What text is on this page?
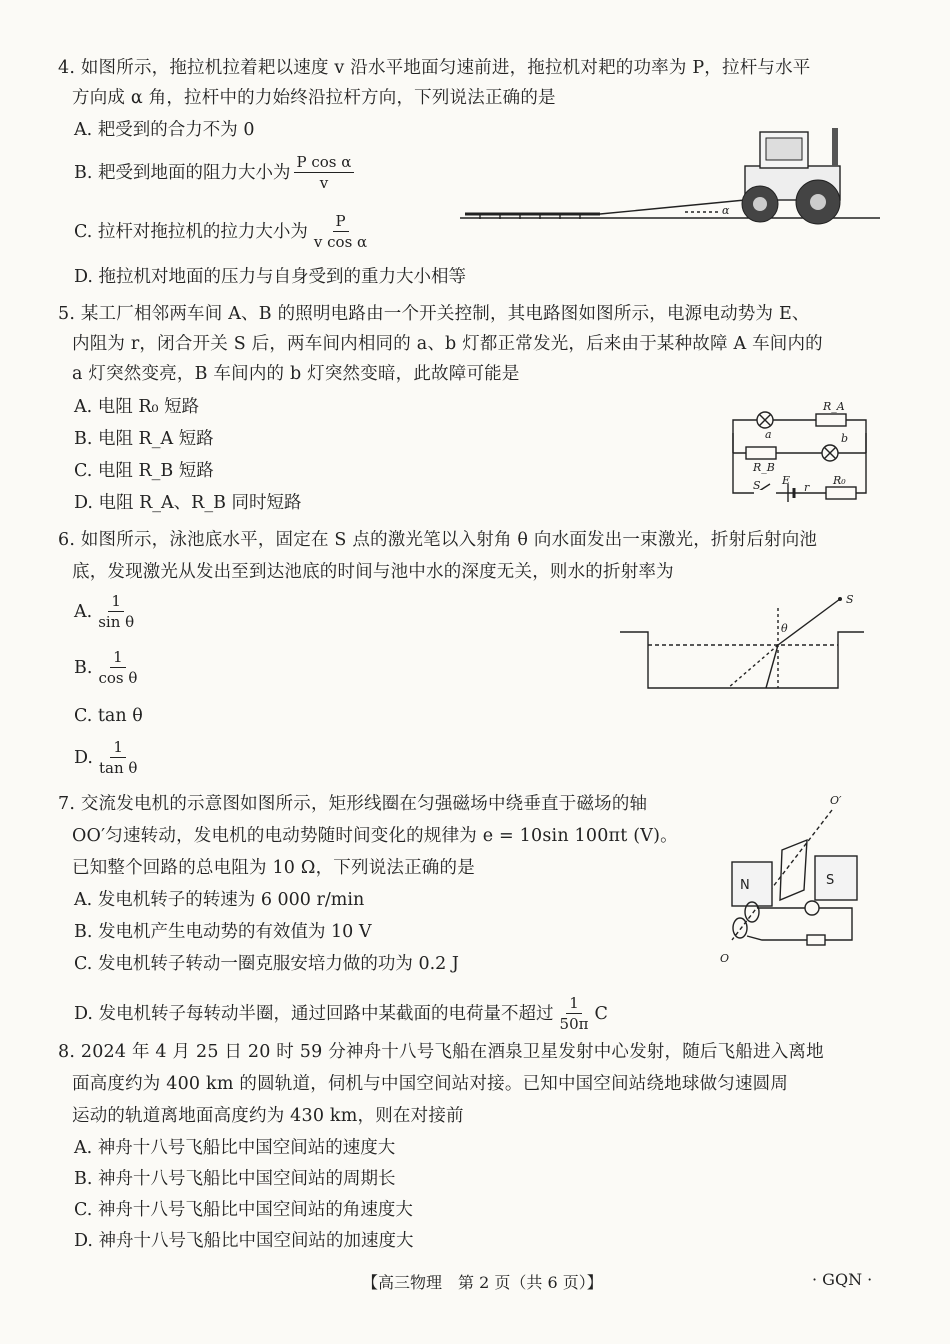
4. 如图所示，拖拉机拉着耙以速度 v 沿水平地面匀速前进，拖拉机对耙的功率为 P，拉杆与水平
方向成 α 角，拉杆中的力始终沿拉杆方向，下列说法正确的是
A. 耙受到的合力不为 0
B. 耙受到地面的阻力大小为 $\frac{\text{P cos α}}{v}$
C. 拉杆对拖拉机的拉力大小为 $\frac{P}{\text{v cos α}}$
D. 拖拉机对地面的压力与自身受到的重力大小相等
α
5. 某工厂相邻两车间 A、B 的照明电路由一个开关控制，其电路图如图所示，电源电动势为 E、
内阻为 r，闭合开关 S 后，两车间内相同的 a、b 灯都正常发光，后来由于某种故障 A 车间内的
a 灯突然变亮，B 车间内的 b 灯突然变暗，此故障可能是
A. 电阻 R₀ 短路
B. 电阻 R_A 短路
C. 电阻 R_B 短路
D. 电阻 R_A、R_B 同时短路
R_A
R_B
R₀
a	b
S E
r
6. 如图所示，泳池底水平，固定在 S 点的激光笔以入射角 θ 向水面发出一束激光，折射后射向池
底，发现激光从发出至到达池底的时间与池中水的深度无关，则水的折射率为
A. $\frac{1}{\text{sin θ}}$
B. $\frac{1}{\text{cos θ}}$
C. tan θ
D. $\frac{1}{\text{tan θ}}$
S
θ
7. 交流发电机的示意图如图所示，矩形线圈在匀强磁场中绕垂直于磁场的轴
OO′匀速转动，发电机的电动势随时间变化的规律为 e = 10sin 100πt (V)。
已知整个回路的总电阻为 10 Ω，下列说法正确的是
A. 发电机转子的转速为 6 000 r/min
B. 发电机产生电动势的有效值为 10 V
C. 发电机转子转动一圈克服安培力做的功为 0.2 J
D. 发电机转子每转动半圈，通过回路中某截面的电荷量不超过 $\frac{1}{50\pi}$ C
N	S
O′
O
8. 2024 年 4 月 25 日 20 时 59 分神舟十八号飞船在酒泉卫星发射中心发射，随后飞船进入离地
面高度约为 400 km 的圆轨道，伺机与中国空间站对接。已知中国空间站绕地球做匀速圆周
运动的轨道离地面高度约为 430 km，则在对接前
A. 神舟十八号飞船比中国空间站的速度大
B. 神舟十八号飞船比中国空间站的周期长
C. 神舟十八号飞船比中国空间站的角速度大
D. 神舟十八号飞船比中国空间站的加速度大
【高三物理　第 2 页（共 6 页）】	· GQN ·
